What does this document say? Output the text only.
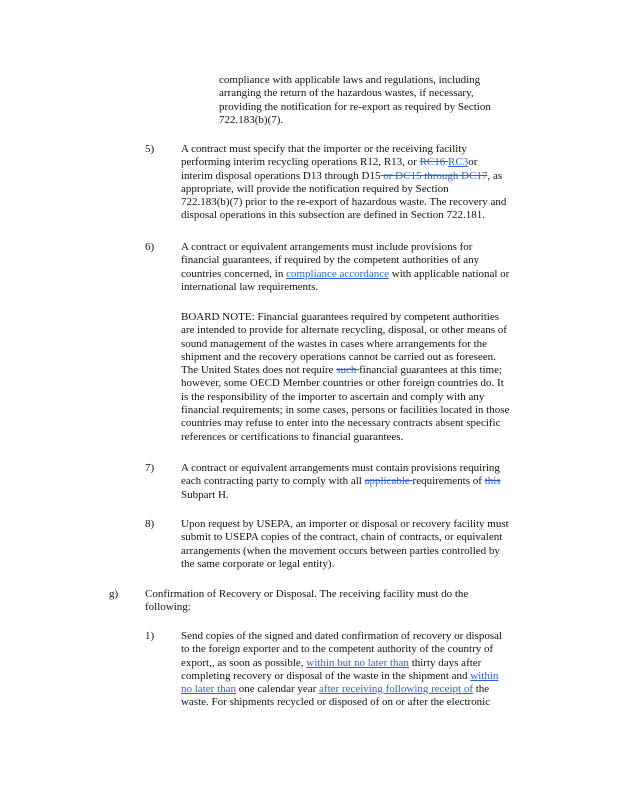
compliance with applicable laws and regulations, including

arranging the return of the hazardous wastes, if necessary,

providing the notification for re-export as required by Section

722.183(b)(7).

5) A contract must specify that the importer or the receiving facility

performing interim recycling operations R12, R13, or RC16 RC3or

interim disposal operations D13 through D15 or DC15 through DC17, as

appropriate, will provide the notification required by Section

722.183(b)(7) prior to the re-export of hazardous waste. The recovery and

disposal operations in this subsection are defined in Section 722.181.

6) A contract or equivalent arrangements must include provisions for

financial guarantees, if required by the competent authorities of any

countries concerned, in compliance accordance with applicable national or

international law requirements.

BOARD NOTE: Financial guarantees required by competent authorities

are intended to provide for alternate recycling, disposal, or other means of

sound management of the wastes in cases where arrangements for the

shipment and the recovery operations cannot be carried out as foreseen.

The United States does not require such financial guarantees at this time;

however, some OECD Member countries or other foreign countries do. It

is the responsibility of the importer to ascertain and comply with any

financial requirements; in some cases, persons or facilities located in those

countries may refuse to enter into the necessary contracts absent specific

references or certifications to financial guarantees.

7) A contract or equivalent arrangements must contain provisions requiring

each contracting party to comply with all applicable requirements of this

Subpart H.

8) Upon request by USEPA, an importer or disposal or recovery facility must

submit to USEPA copies of the contract, chain of contracts, or equivalent

arrangements (when the movement occurs between parties controlled by

the same corporate or legal entity).

g) Confirmation of Recovery or Disposal. The receiving facility must do the

following:

1) Send copies of the signed and dated confirmation of recovery or disposal

to the foreign exporter and to the competent authority of the country of

export,, as soon as possible, within but no later than thirty days after

completing recovery or disposal of the waste in the shipment and within

no later than one calendar year after receiving following receipt of the

waste. For shipments recycled or disposed of on or after the electronic
